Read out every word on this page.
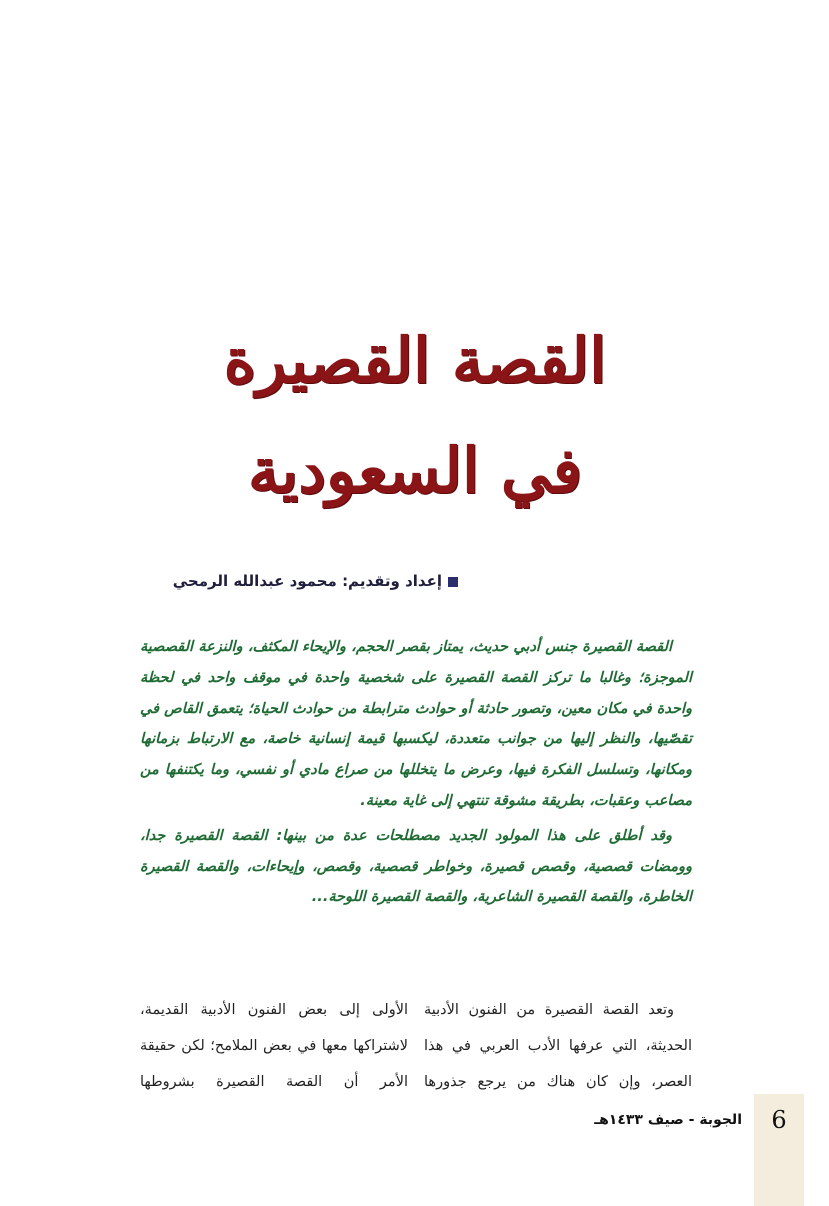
القصة القصيرة
في السعودية
إعداد وتقديم: محمود عبدالله الرمحي

القصة القصيرة جنس أدبي حديث، يمتاز بقصر الحجم، والإيحاء المكثف، والنزعة القصصية الموجزة؛ وغالبا ما تركز القصة القصيرة على شخصية واحدة في موقف واحد في لحظة واحدة في مكان معين، وتصور حادثة أو حوادث مترابطة من حوادث الحياة؛ يتعمق القاص في تقصّيها، والنظر إليها من جوانب متعددة، ليكسبها قيمة إنسانية خاصة، مع الارتباط بزمانها ومكانها، وتسلسل الفكرة فيها، وعرض ما يتخللها من صراع مادي أو نفسي، وما يكتنفها من مصاعب وعقبات، بطريقة مشوقة تنتهي إلى غاية معينة.

وقد أطلق على هذا المولود الجديد مصطلحات عدة من بينها: القصة القصيرة جدا، وومضات قصصية، وقصص قصيرة، وخواطر قصصية، وقصص، وإيحاءات، والقصة القصيرة الخاطرة، والقصة القصيرة الشاعرية، والقصة القصيرة اللوحة...

وتعد القصة القصيرة من الفنون الأدبية الحديثة، التي عرفها الأدب العربي في هذا العصر، وإن كان هناك من يرجع جذورها

الأولى إلى بعض الفنون الأدبية القديمة، لاشتراكها معها في بعض الملامح؛ لكن حقيقة الأمر أن القصة القصيرة بشروطها

الجوبة - صيف ١٤٣٣هـ	6
